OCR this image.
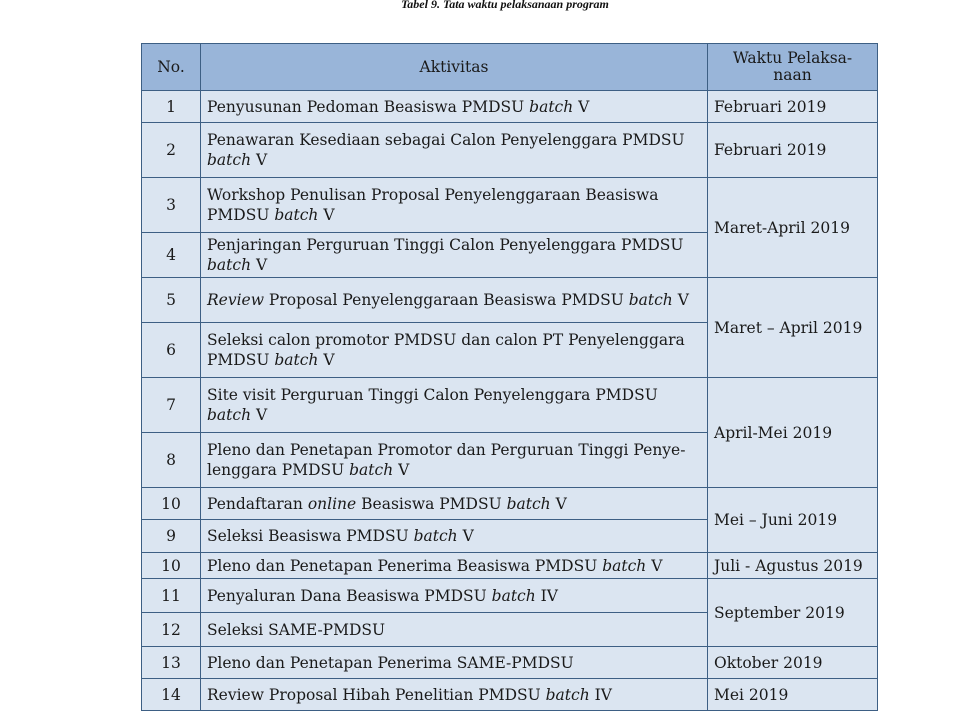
Tabel 9. Tata waktu pelaksanaan program
No.	Aktivitas	Waktu Pelaksa-
naan
1	Penyusunan Pedoman Beasiswa PMDSU batch V	Februari 2019
2	Penawaran Kesediaan sebagai Calon Penyelenggara PMDSU batch V	Februari 2019
3	Workshop Penulisan Proposal Penyelenggaraan Beasiswa PMDSU batch V	Maret-April 2019
4	Penjaringan Perguruan Tinggi Calon Penyelenggara PMDSU batch V	
5	Review Proposal Penyelenggaraan Beasiswa PMDSU batch V	Maret – April 2019
6	Seleksi calon promotor PMDSU dan calon PT Penyelenggara PMDSU batch V	
7	Site visit Perguruan Tinggi Calon Penyelenggara PMDSU batch V	April-Mei 2019
8	Pleno dan Penetapan Promotor dan Perguruan Tinggi Penye-lenggara PMDSU batch V	
10	Pendaftaran online Beasiswa PMDSU batch V	Mei – Juni 2019
9	Seleksi Beasiswa PMDSU batch V	
10	Pleno dan Penetapan Penerima Beasiswa PMDSU batch V	Juli - Agustus 2019
11	Penyaluran Dana Beasiswa PMDSU batch IV	September 2019
12	Seleksi SAME-PMDSU	
13	Pleno dan Penetapan Penerima SAME-PMDSU	Oktober 2019
14	Review Proposal Hibah Penelitian PMDSU batch IV	Mei 2019
